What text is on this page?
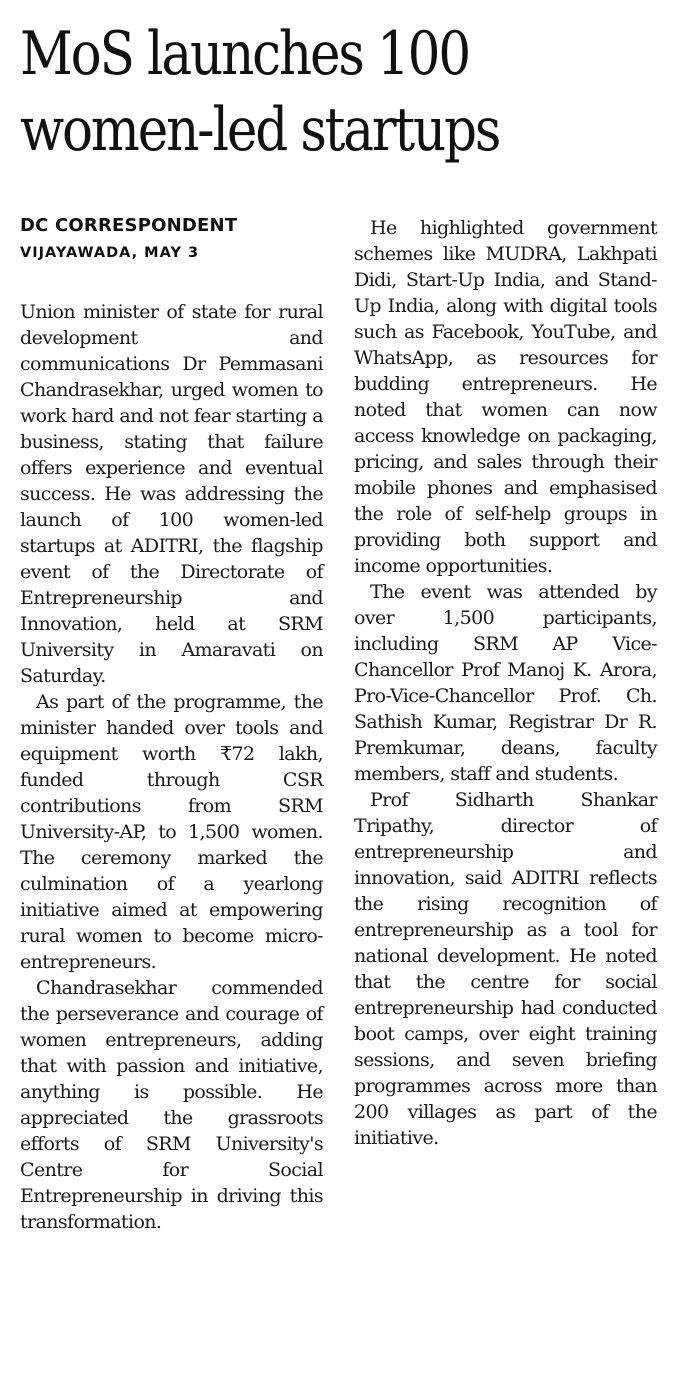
MoS launches 100
women-led startups
DC CORRESPONDENT
VIJAYAWADA, MAY 3
Union minister of state for rural development and communications Dr Pemmasani Chandrasekhar, urged women to work hard and not fear starting a business, stating that failure offers experience and eventual success. He was addressing the launch of 100 women-led startups at ADITRI, the flagship event of the Directorate of Entrepreneurship and Innovation, held at SRM University in Amaravati on Saturday.
As part of the programme, the minister handed over tools and equipment worth ₹72 lakh, funded through CSR contributions from SRM University-AP, to 1,500 women. The ceremony marked the culmination of a yearlong initiative aimed at empowering rural women to become micro-entrepreneurs.
Chandrasekhar commended the perseverance and courage of women entrepreneurs, adding that with passion and initiative, anything is possible. He appreciated the grassroots efforts of SRM University's Centre for Social Entrepreneurship in driving this transformation.
He highlighted government schemes like MUDRA, Lakhpati Didi, Start-Up India, and Stand-Up India, along with digital tools such as Facebook, YouTube, and WhatsApp, as resources for budding entrepreneurs. He noted that women can now access knowledge on packaging, pricing, and sales through their mobile phones and emphasised the role of self-help groups in providing both support and income opportunities.
The event was attended by over 1,500 participants, including SRM AP Vice-Chancellor Prof Manoj K. Arora, Pro-Vice-Chancellor Prof. Ch. Sathish Kumar, Registrar Dr R. Premkumar, deans, faculty members, staff and students.
Prof Sidharth Shankar Tripathy, director of entrepreneurship and innovation, said ADITRI reflects the rising recognition of entrepreneurship as a tool for national development. He noted that the centre for social entrepreneurship had conducted boot camps, over eight training sessions, and seven briefing programmes across more than 200 villages as part of the initiative.
